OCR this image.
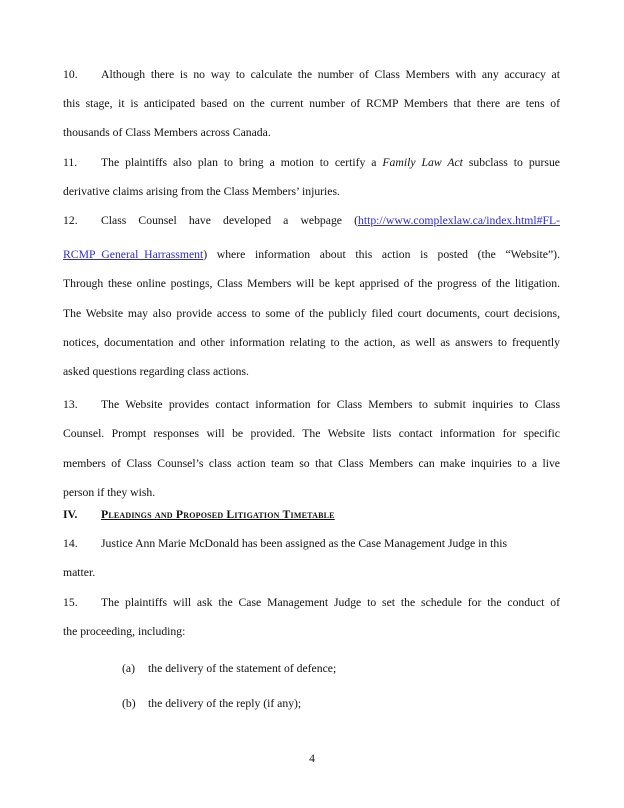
10. Although there is no way to calculate the number of Class Members with any accuracy at
this stage, it is anticipated based on the current number of RCMP Members that there are tens of
thousands of Class Members across Canada.
11. The plaintiffs also plan to bring a motion to certify a Family Law Act subclass to pursue
derivative claims arising from the Class Members’ injuries.
12. Class Counsel have developed a webpage (http://www.complexlaw.ca/index.html#FL-
RCMP_General_Harrassment) where information about this action is posted (the “Website”).
Through these online postings, Class Members will be kept apprised of the progress of the litigation.
The Website may also provide access to some of the publicly filed court documents, court decisions,
notices, documentation and other information relating to the action, as well as answers to frequently
asked questions regarding class actions.
13. The Website provides contact information for Class Members to submit inquiries to Class
Counsel. Prompt responses will be provided. The Website lists contact information for specific
members of Class Counsel’s class action team so that Class Members can make inquiries to a live
person if they wish.
IV. Pleadings and Proposed Litigation Timetable
14. Justice Ann Marie McDonald has been assigned as the Case Management Judge in this
matter.
15. The plaintiffs will ask the Case Management Judge to set the schedule for the conduct of
the proceeding, including:
(a) the delivery of the statement of defence;
(b) the delivery of the reply (if any);
4
